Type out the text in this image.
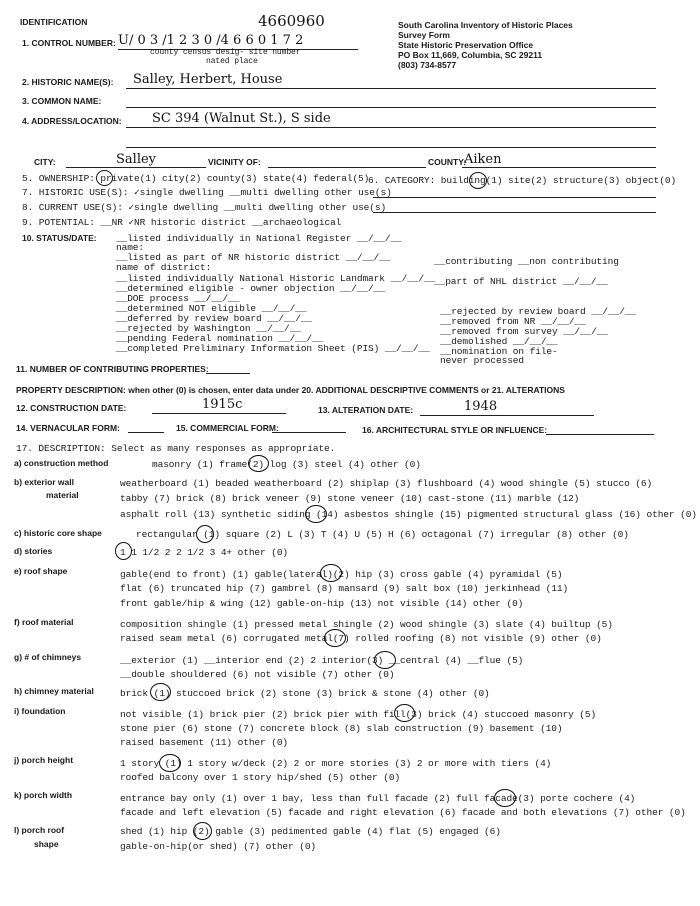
IDENTIFICATION	4660960	South Carolina Inventory of Historic Places
Survey Form
State Historic Preservation Office
PO Box 11,669, Columbia, SC 29211
(803) 734-8577
1. CONTROL NUMBER: U/ 0 3 /1 2 3 0 /4 6 6 0 1 7 2
county census desig- site number
nated place
2. HISTORIC NAME(S): Salley, Herbert, House
3. COMMON NAME:
4. ADDRESS/LOCATION: SC 394 (Walnut St.), S side
CITY:	Salley	VICINITY OF:	COUNTY:
Aiken
5. OWNERSHIP: private(1) city(2) county(3) state(4) federal(5)
6. CATEGORY: building(1) site(2) structure(3) object(0)
7. HISTORIC USE(S): ✓single dwelling __multi dwelling other use(s)
8. CURRENT USE(S): ✓single dwelling __multi dwelling other use(s)
9. POTENTIAL: __NR ✓NR historic district __archaeological
10. STATUS/DATE: __listed individually in National Register __/__/__
name:
__listed as part of NR historic district __/__/__
name of district:
__listed individually National Historic Landmark __/__/__
__determined eligible - owner objection __/__/__
__DOE process __/__/__
__determined NOT eligible __/__/__
__deferred by review board __/__/__
__rejected by Washington __/__/__
__pending Federal nomination __/__/__
__completed Preliminary Information Sheet (PIS) __/__/__
__contributing __non contributing
__part of NHL district __/__/__
__rejected by review board __/__/__
__removed from NR __/__/__
__removed from survey __/__/__
__demolished __/__/__
__nomination on file-
never processed
11. NUMBER OF CONTRIBUTING PROPERTIES:
PROPERTY DESCRIPTION: when other (0) is chosen, enter data under 20. ADDITIONAL DESCRIPTIVE COMMENTS or 21. ALTERATIONS
12. CONSTRUCTION DATE:	1915c	13. ALTERATION DATE:	1948
14. VERNACULAR FORM:	15. COMMERCIAL FORM:	16. ARCHITECTURAL STYLE OR INFLUENCE:
17. DESCRIPTION: Select as many responses as appropriate.
a) construction method	masonry (1) frame(2) log (3) steel (4) other (0)
b) exterior wall
material
weatherboard (1) beaded weatherboard (2) shiplap (3) flushboard (4) wood shingle (5) stucco (6)
tabby (7) brick (8) brick veneer (9) stone veneer (10) cast-stone (11) marble (12)
asphalt roll (13) synthetic siding (14) asbestos shingle (15) pigmented structural glass (16) other (0)
c) historic core shape	rectangular (1) square (2) L (3) T (4) U (5) H (6) octagonal (7) irregular (8) other (0)
d) stories	1 1 1/2 2 2 1/2 3 4+ other (0)
e) roof shape	gable(end to front) (1) gable(lateral)(2) hip (3) cross gable (4) pyramidal (5)
flat (6) truncated hip (7) gambrel (8) mansard (9) salt box (10) jerkinhead (11)
front gable/hip & wing (12) gable-on-hip (13) not visible (14) other (0)
f) roof material	composition shingle (1) pressed metal shingle (2) wood shingle (3) slate (4) builtup (5)
raised seam metal (6) corrugated metal(7) rolled roofing (8) not visible (9) other (0)
g) # of chimneys	__exterior (1) __interior end (2) 2 interior(3) __central (4) __flue (5)
__double shouldered (6) not visible (7) other (0)
h) chimney material	brick (1) stuccoed brick (2) stone (3) brick & stone (4) other (0)
i) foundation	not visible (1) brick pier (2) brick pier with fill(3) brick (4) stuccoed masonry (5)
stone pier (6) stone (7) concrete block (8) slab construction (9) basement (10)
raised basement (11) other (0)
j) porch height	1 story (1) 1 story w/deck (2) 2 or more stories (3) 2 or more with tiers (4)
roofed balcony over 1 story hip/shed (5) other (0)
k) porch width	entrance bay only (1) over 1 bay, less than full facade (2) full facade(3) porte cochere (4)
facade and left elevation (5) facade and right elevation (6) facade and both elevations (7) other (0)
l) porch roof
shape
shed (1) hip (2) gable (3) pedimented gable (4) flat (5) engaged (6)
gable-on-hip(or shed) (7) other (0)
